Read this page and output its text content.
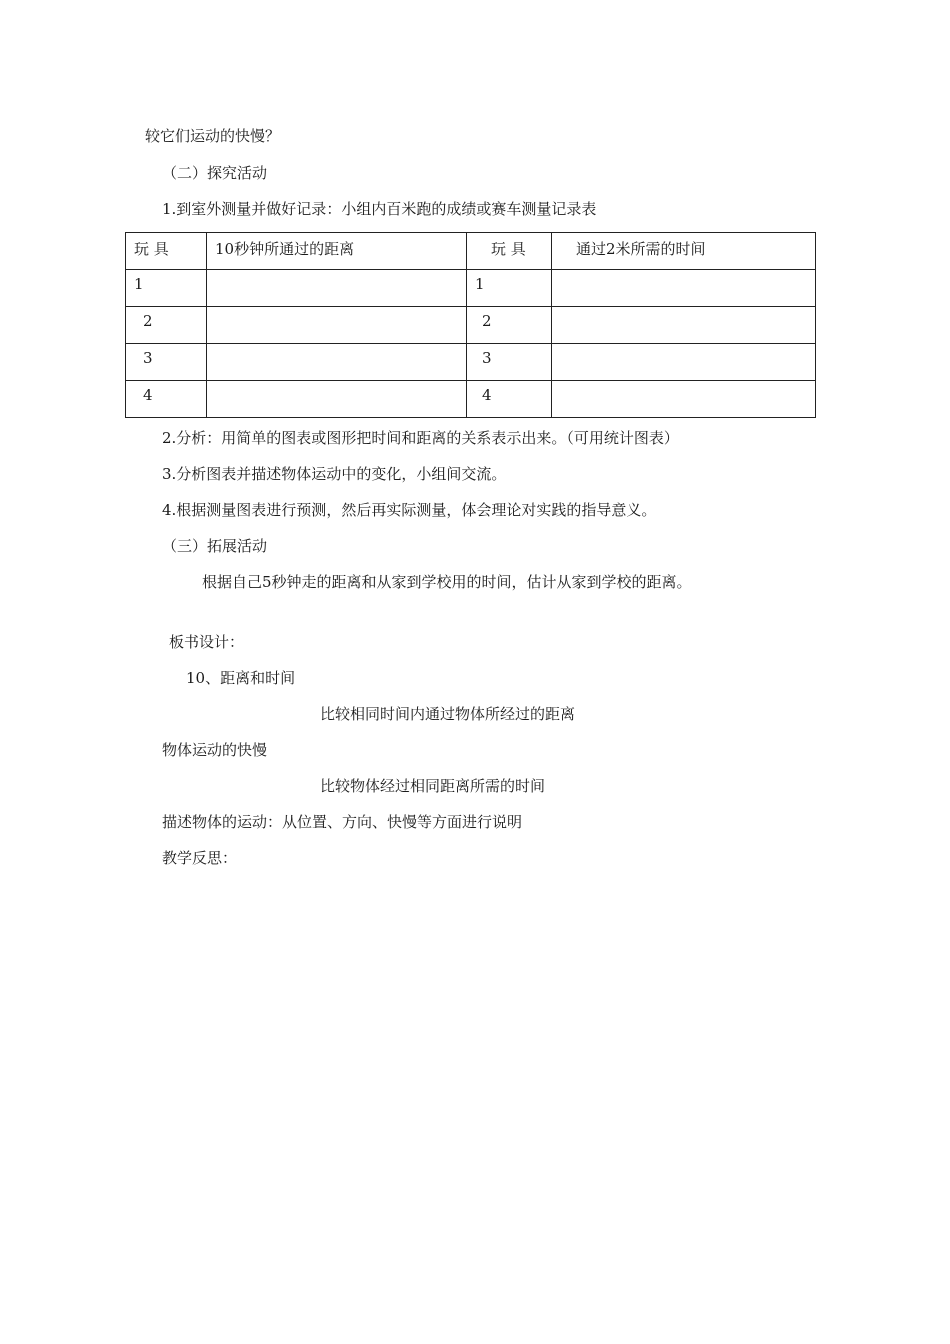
较它们运动的快慢？
（二）探究活动
1.到室外测量并做好记录：小组内百米跑的成绩或赛车测量记录表
玩 具	10秒钟所通过的距离	玩 具	通过2米所需的时间
1		1	
2		2	
3		3	
4		4	
2.分析：用简单的图表或图形把时间和距离的关系表示出来。（可用统计图表）
3.分析图表并描述物体运动中的变化，小组间交流。
4.根据测量图表进行预测，然后再实际测量，体会理论对实践的指导意义。
（三）拓展活动
根据自己5秒钟走的距离和从家到学校用的时间，估计从家到学校的距离。
板书设计：
10、距离和时间
比较相同时间内通过物体所经过的距离
物体运动的快慢
比较物体经过相同距离所需的时间
描述物体的运动：从位置、方向、快慢等方面进行说明
教学反思：
